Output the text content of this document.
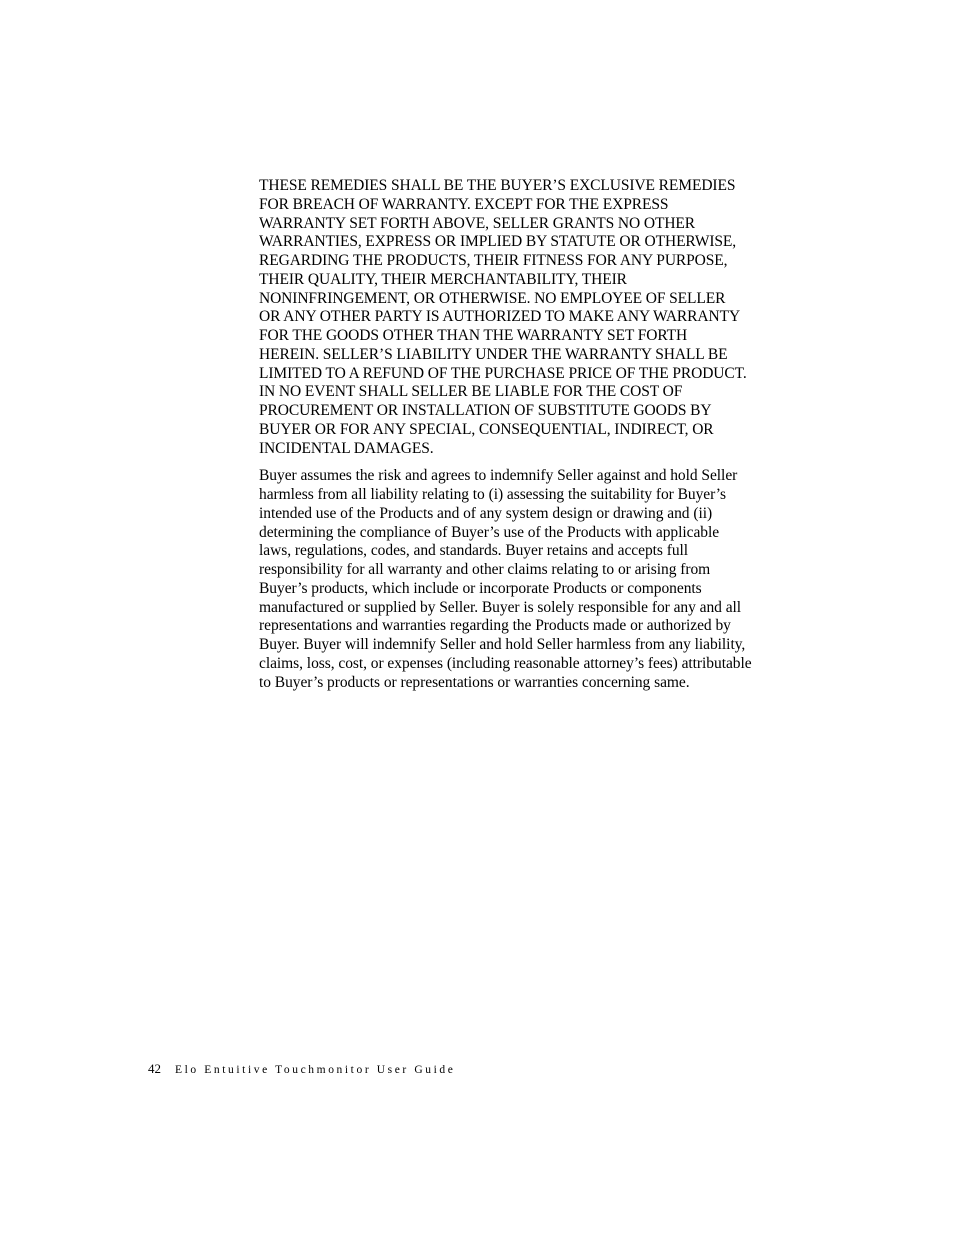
THESE REMEDIES SHALL BE THE BUYER’S EXCLUSIVE REMEDIES
FOR BREACH OF WARRANTY. EXCEPT FOR THE EXPRESS
WARRANTY SET FORTH ABOVE, SELLER GRANTS NO OTHER
WARRANTIES, EXPRESS OR IMPLIED BY STATUTE OR OTHERWISE,
REGARDING THE PRODUCTS, THEIR FITNESS FOR ANY PURPOSE,
THEIR QUALITY, THEIR MERCHANTABILITY, THEIR
NONINFRINGEMENT, OR OTHERWISE. NO EMPLOYEE OF SELLER
OR ANY OTHER PARTY IS AUTHORIZED TO MAKE ANY WARRANTY
FOR THE GOODS OTHER THAN THE WARRANTY SET FORTH
HEREIN. SELLER’S LIABILITY UNDER THE WARRANTY SHALL BE
LIMITED TO A REFUND OF THE PURCHASE PRICE OF THE PRODUCT.
IN NO EVENT SHALL SELLER BE LIABLE FOR THE COST OF
PROCUREMENT OR INSTALLATION OF SUBSTITUTE GOODS BY
BUYER OR FOR ANY SPECIAL, CONSEQUENTIAL, INDIRECT, OR
INCIDENTAL DAMAGES.

Buyer assumes the risk and agrees to indemnify Seller against and hold Seller
harmless from all liability relating to (i) assessing the suitability for Buyer’s
intended use of the Products and of any system design or drawing and (ii)
determining the compliance of Buyer’s use of the Products with applicable
laws, regulations, codes, and standards. Buyer retains and accepts full
responsibility for all warranty and other claims relating to or arising from
Buyer’s products, which include or incorporate Products or components
manufactured or supplied by Seller. Buyer is solely responsible for any and all
representations and warranties regarding the Products made or authorized by
Buyer. Buyer will indemnify Seller and hold Seller harmless from any liability,
claims, loss, cost, or expenses (including reasonable attorney’s fees) attributable
to Buyer’s products or representations or warranties concerning same.

42 Elo Entuitive Touchmonitor User Guide
